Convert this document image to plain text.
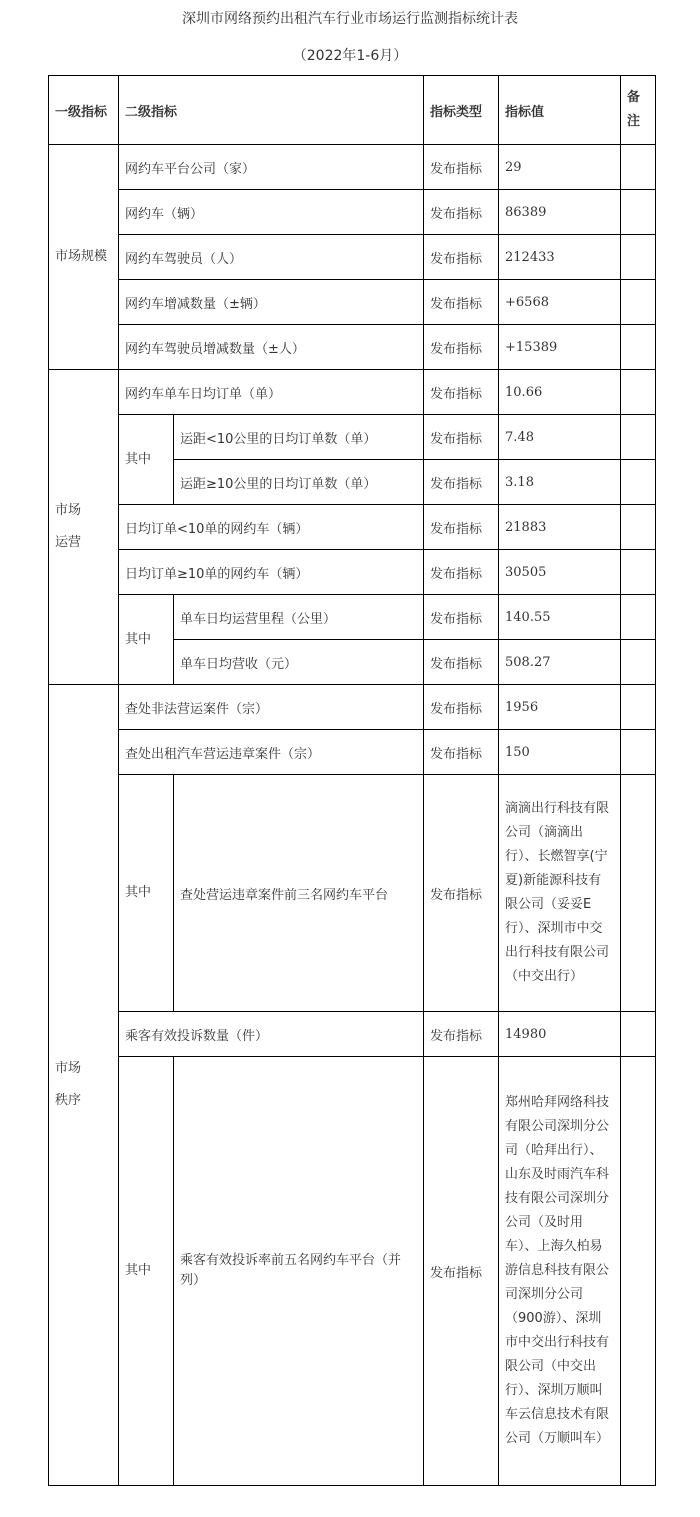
深圳市网络预约出租汽车行业市场运行监测指标统计表
（2022年1-6月）
一级指标	二级指标		指标类型	指标值	备注
市场规模	网约车平台公司（家）		发布指标	29	
	网约车（辆）		发布指标	86389	
	网约车驾驶员（人）		发布指标	212433	
	网约车增减数量（±辆）		发布指标	+6568	
	网约车驾驶员增减数量（±人）		发布指标	+15389	

市场运营	网约车单车日均订单（单）		发布指标	10.66	
	其中	运距<10公里的日均订单数（单）	发布指标	7.48	
		运距≥10公里的日均订单数（单）	发布指标	3.18	
	日均订单<10单的网约车（辆）		发布指标	21883	
	日均订单≥10单的网约车（辆）		发布指标	30505	
	其中	单车日均运营里程（公里）	发布指标	140.55	
		单车日均营收（元）	发布指标	508.27	

市场秩序	查处非法营运案件（宗）		发布指标	1956	
	查处出租汽车营运违章案件（宗）		发布指标	150	
	其中	查处营运违章案件前三名网约车平台	发布指标	滴滴出行科技有限公司（滴滴出行）、长燃智享(宁夏)新能源科技有限公司（妥妥E行）、深圳市中交出行科技有限公司（中交出行）	
	乘客有效投诉数量（件）		发布指标	14980	
	其中	乘客有效投诉率前五名网约车平台（并列）	发布指标	郑州哈拜网络科技有限公司深圳分公司（哈拜出行）、山东及时雨汽车科技有限公司深圳分公司（及时用车）、上海久柏易游信息科技有限公司深圳分公司（900游）、深圳市中交出行科技有限公司（中交出行）、深圳万顺叫车云信息技术有限公司（万顺叫车）	
